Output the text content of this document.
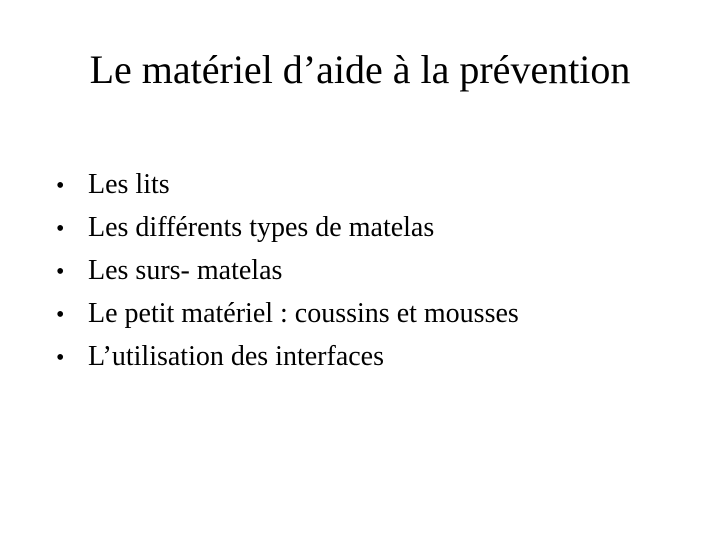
Le matériel d’aide à la prévention
• Les lits
• Les différents types de matelas
• Les surs- matelas
• Le petit matériel : coussins et mousses
• L’utilisation des interfaces
